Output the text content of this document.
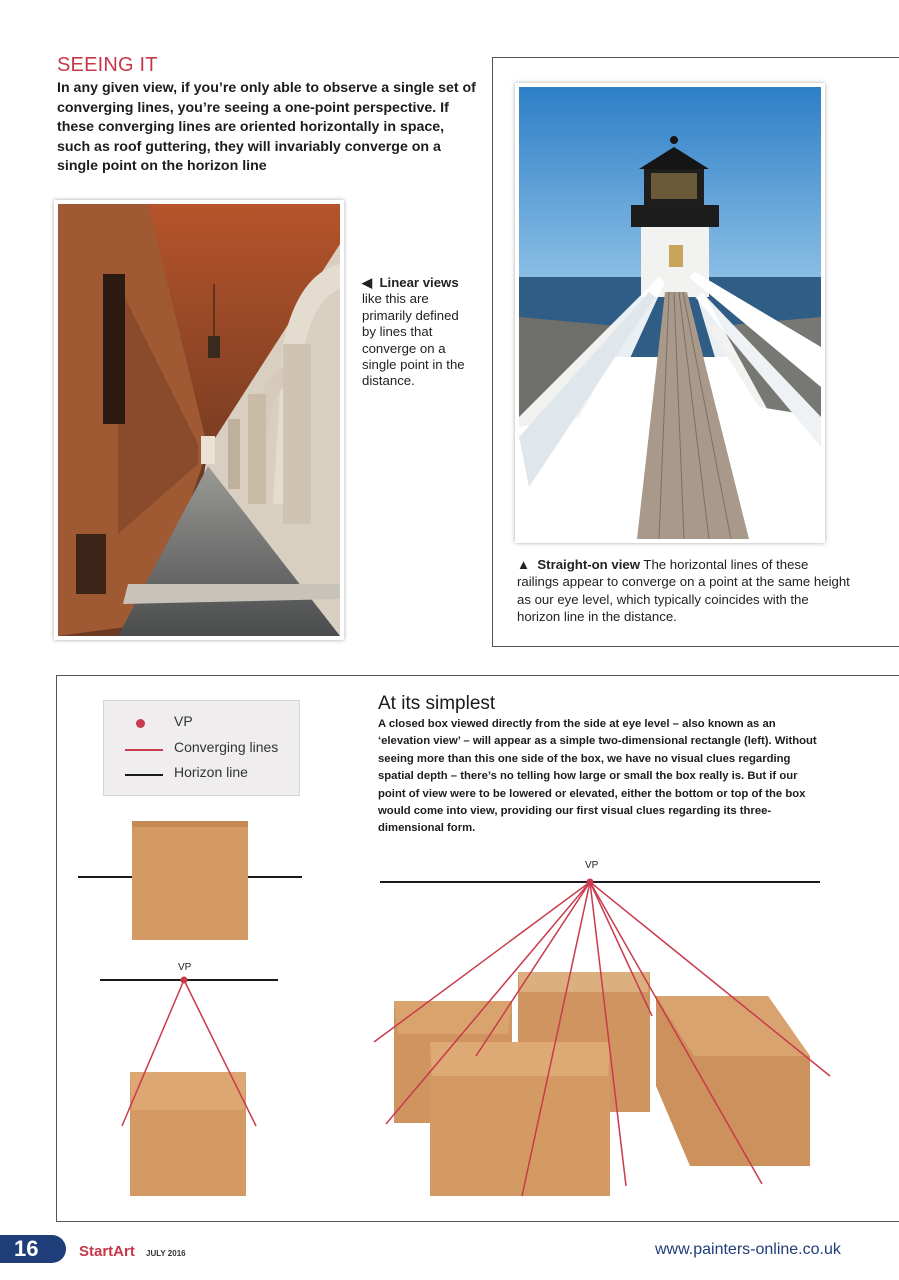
SEEING IT
In any given view, if you’re only able to observe a single set of converging lines, you’re seeing a one-point perspective. If these converging lines are oriented horizontally in space, such as roof guttering, they will invariably converge on a single point on the horizon line
◀ Linear views like this are primarily defined by lines that converge on a single point in the distance.
▲ Straight-on view The horizontal lines of these railings appear to converge on a point at the same height as our eye level, which typically coincides with the horizon line in the distance.
VP
Converging lines
Horizon line
At its simplest
A closed box viewed directly from the side at eye level – also known as an ‘elevation view’ – will appear as a simple two-dimensional rectangle (left). Without seeing more than this one side of the box, we have no visual clues regarding spatial depth – there’s no telling how large or small the box really is. But if our point of view were to be lowered or elevated, either the bottom or top of the box would come into view, providing our first visual clues regarding its three-dimensional form.
VP
VP
16	StartArt JULY 2016	www.painters-online.co.uk
